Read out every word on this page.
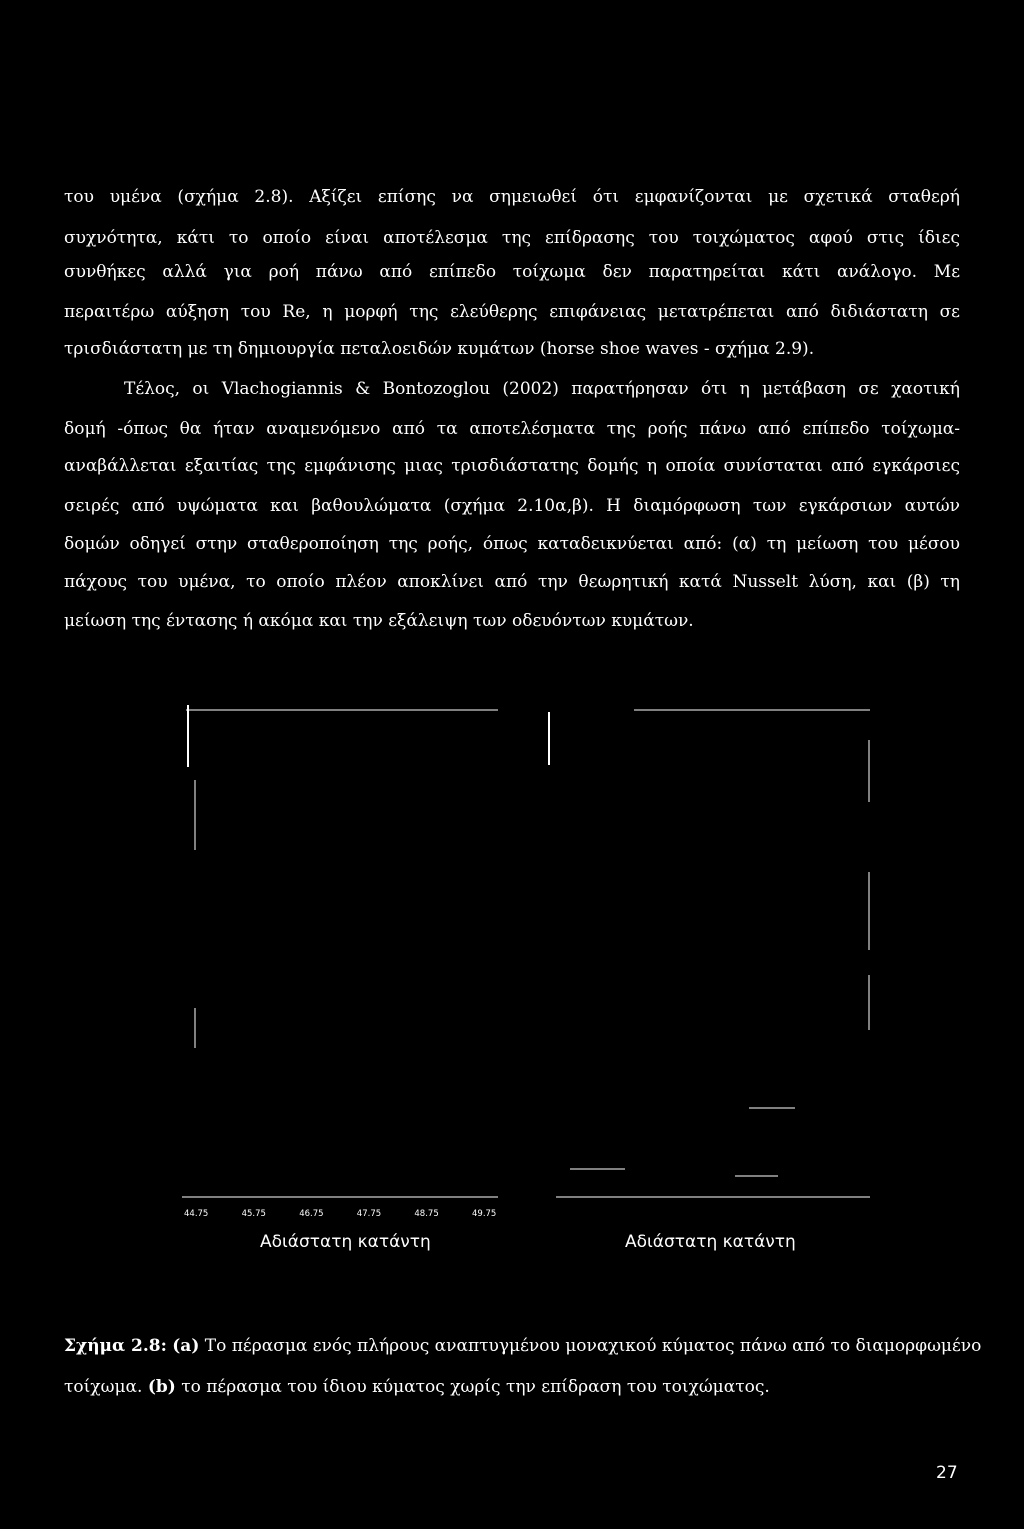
του υμένα (σχήμα 2.8). Αξίζει επίσης να σημειωθεί ότι εμφανίζονται με σχετικά σταθερή
συχνότητα, κάτι το οποίο είναι αποτέλεσμα της επίδρασης του τοιχώματος αφού στις ίδιες
συνθήκες αλλά για ροή πάνω από επίπεδο τοίχωμα δεν παρατηρείται κάτι ανάλογο. Με
περαιτέρω αύξηση του Re, η μορφή της ελεύθερης επιφάνειας μετατρέπεται από διδιάστατη σε
τρισδιάστατη με τη δημιουργία πεταλοειδών κυμάτων (horse shoe waves - σχήμα 2.9).
Τέλος, οι Vlachogiannis & Bontozoglou (2002) παρατήρησαν ότι η μετάβαση σε χαοτική
δομή -όπως θα ήταν αναμενόμενο από τα αποτελέσματα της ροής πάνω από επίπεδο τοίχωμα-
αναβάλλεται εξαιτίας της εμφάνισης μιας τρισδιάστατης δομής η οποία συνίσταται από εγκάρσιες
σειρές από υψώματα και βαθουλώματα (σχήμα 2.10α,β). Η διαμόρφωση των εγκάρσιων αυτών
δομών οδηγεί στην σταθεροποίηση της ροής, όπως καταδεικνύεται από: (α) τη μείωση του μέσου
πάχους του υμένα, το οποίο πλέον αποκλίνει από την θεωρητική κατά Nusselt λύση, και (β) τη
μείωση της έντασης ή ακόμα και την εξάλειψη των οδευόντων κυμάτων.
44.75	45.75	46.75	47.75	48.75	49.75
Αδιάστατη κατάντη	Αδιάστατη κατάντη
Σχήμα 2.8: (a) Το πέρασμα ενός πλήρους αναπτυγμένου μοναχικού κύματος πάνω από το διαμορφωμένο
τοίχωμα. (b) το πέρασμα του ίδιου κύματος χωρίς την επίδραση του τοιχώματος.
27
